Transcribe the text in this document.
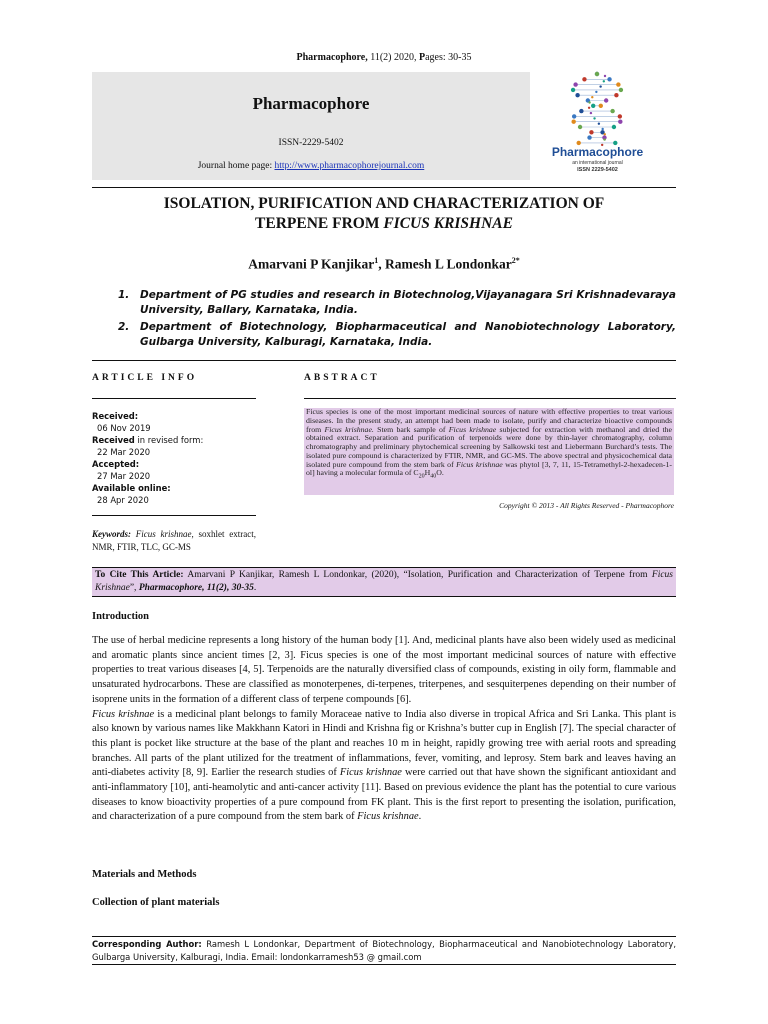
Pharmacophore, 11(2) 2020, Pages: 30-35
Pharmacophore
ISSN-2229-5402
Journal home page: http://www.pharmacophorejournal.com
Pharmacophore
an international journal
ISSN 2229-5402
ISOLATION, PURIFICATION AND CHARACTERIZATION OF
TERPENE FROM FICUS KRISHNAE
Amarvani P Kanjikar$^1$, Ramesh L Londonkar$^{2*}$
1. Department of PG studies and research in Biotechnolog,Vijayanagara Sri Krishnadevaraya University, Ballary, Karnataka, India.
2. Department of Biotechnology, Biopharmaceutical and Nanobiotechnology Laboratory, Gulbarga University, Kalburagi, Karnataka, India.
ARTICLE INFO	ABSTRACT
Received:
06 Nov 2019
Received in revised form:
22 Mar 2020
Accepted:
27 Mar 2020
Available online:
28 Apr 2020
Keywords: Ficus krishnae, soxhlet extract, NMR, FTIR, TLC, GC-MS
Ficus species is one of the most important medicinal sources of nature with effective properties to treat various diseases. In the present study, an attempt had been made to isolate, purify and characterize bioactive compounds from Ficus krishnae. Stem bark sample of Ficus krishnae subjected for extraction with methanol and dried the obtained extract. Separation and purification of terpenoids were done by thin-layer chromatography, column chromatography and preliminary phytochemical screening by Salkowski test and Liebermann Burchard’s tests. The isolated pure compound is characterized by FTIR, NMR, and GC-MS. The above spectral and physicochemical data isolated pure compound from the stem bark of Ficus krishnae was phytol [3, 7, 11, 15-Tetramethyl-2-hexadecen-1-ol] having a molecular formula of $C_{20}H_{40}O$.
Copyright © 2013 - All Rights Reserved - Pharmacophore
To Cite This Article: Amarvani P Kanjikar, Ramesh L Londonkar, (2020), “Isolation, Purification and Characterization of Terpene from Ficus Krishnae”, Pharmacophore, 11(2), 30-35.
Introduction

The use of herbal medicine represents a long history of the human body [1]. And, medicinal plants have also been widely used as medicinal and aromatic plants since ancient times [2, 3]. Ficus species is one of the most important medicinal sources of nature with effective properties to treat various diseases [4, 5]. Terpenoids are the naturally diversified class of compounds, existing in oily form, flammable and unsaturated hydrocarbons. These are classified as monoterpenes, di-terpenes, triterpenes, and sesquiterpenes depending on their number of isoprene units in the formation of a different class of terpene compounds [6].

Ficus krishnae is a medicinal plant belongs to family Moraceae native to India also diverse in tropical Africa and Sri Lanka. This plant is also known by various names like Makkhann Katori in Hindi and Krishna fig or Krishna’s butter cup in English [7]. The special character of this plant is pocket like structure at the base of the plant and reaches 10 m in height, rapidly growing tree with aerial roots and spreading branches. All parts of the plant utilized for the treatment of inflammations, fever, vomiting, and leprosy. Stem bark and leaves having an anti-diabetes activity [8, 9]. Earlier the research studies of Ficus krishnae were carried out that have shown the significant antioxidant and anti-inflammatory [10], anti-heamolytic and anti-cancer activity [11]. Based on previous evidence the plant has the potential to cure various diseases to know bioactivity properties of a pure compound from FK plant. This is the first report to presenting the isolation, purification, and characterization of a pure compound from the stem bark of Ficus krishnae.

Materials and Methods
Collection of plant materials
Corresponding Author: Ramesh L Londonkar, Department of Biotechnology, Biopharmaceutical and Nanobiotechnology Laboratory, Gulbarga University, Kalburagi, India. Email: londonkarramesh53 @ gmail.com
